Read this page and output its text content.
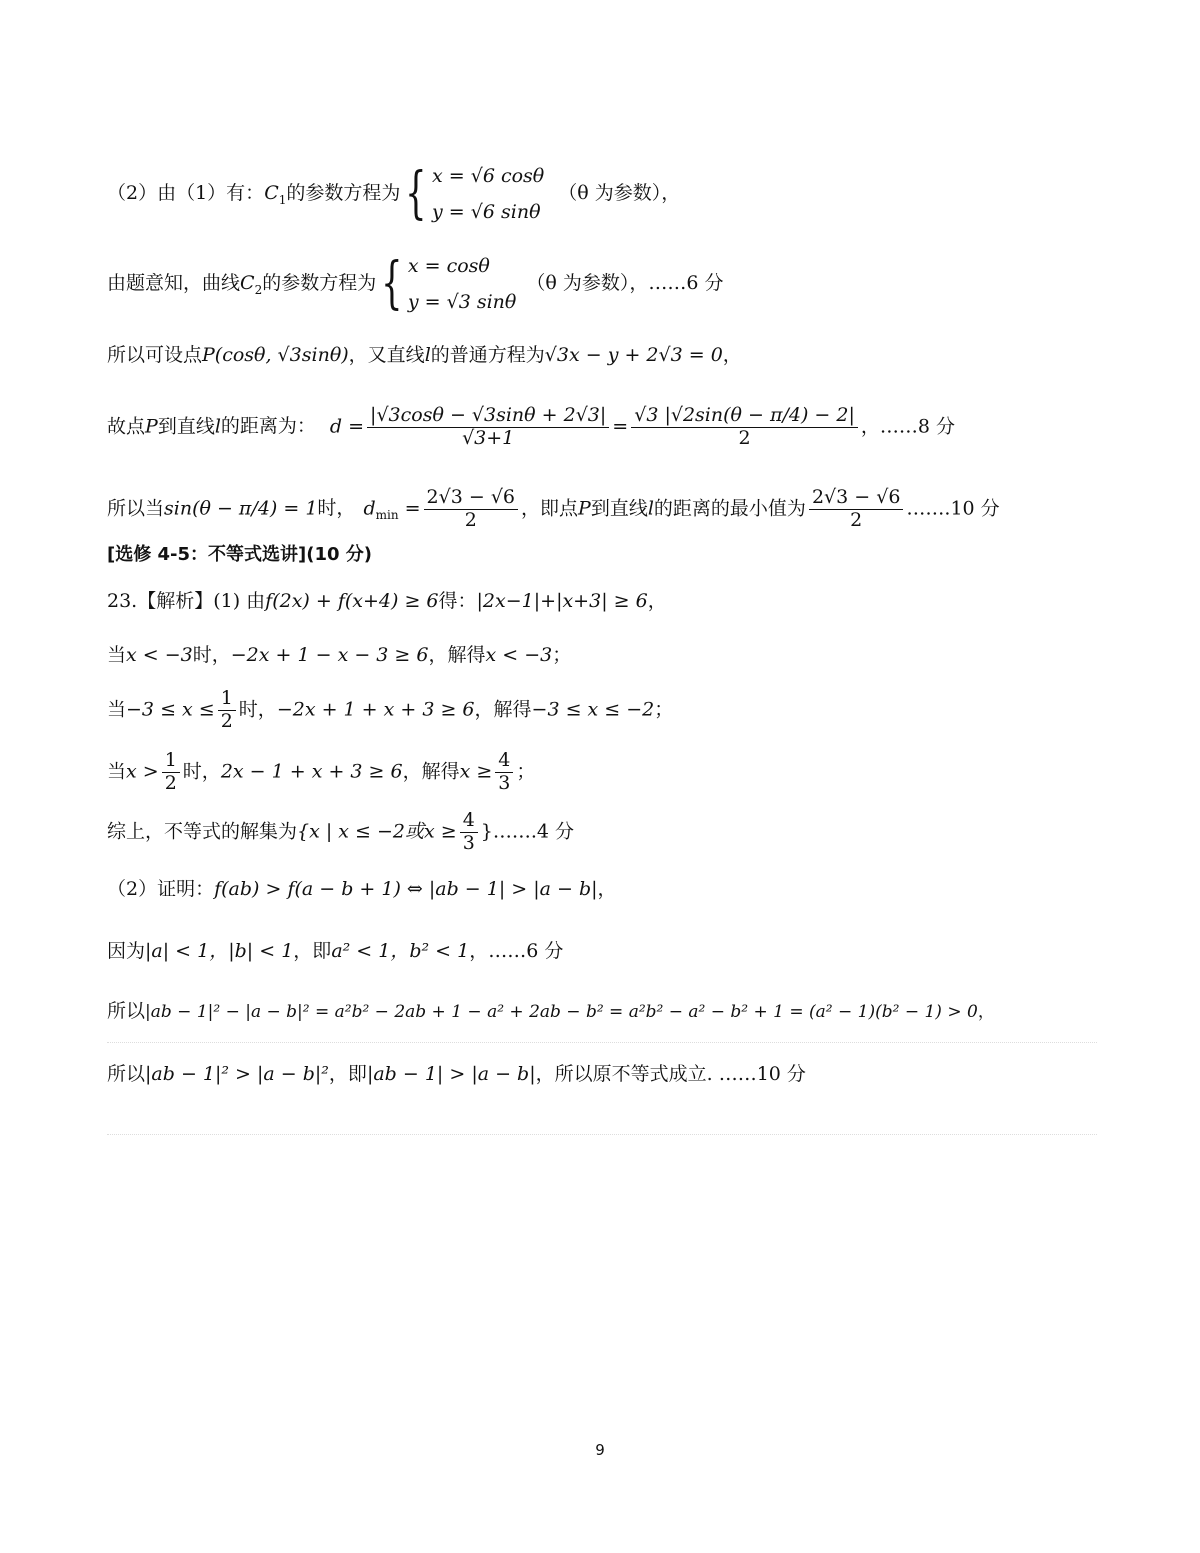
（2）由（1）有：$C_1$的参数方程为{ x = √6 cosθ
y = √6 sinθ
（θ 为参数），
由题意知，曲线$C_2$的参数方程为{ x = cosθ
y = √3 sinθ
（θ 为参数），……6 分
所以可设点P(cosθ, √3sinθ)，又直线l的普通方程为√3x − y + 2√3 = 0，
故点P到直线l的距离为： $d = \frac{|√3\cos\theta - √3\sin\theta + 2√3|}{√3+1} = \frac{√3 |√2\sin(\theta - \pi/4) - 2|}{2}$ ，……8 分
所以当sin(θ − π/4) = 1时， $d_{min} = \frac{2√3 - √6}{2}$ ，即点P到直线l的距离的最小值为 $\frac{2√3 - √6}{2}$ …….10 分
[选修 4-5：不等式选讲](10 分)
23.【解析】(1) 由f(2x) + f(x+4) ≥ 6得：|2x−1|+|x+3| ≥ 6，
当x < −3时，−2x + 1 − x − 3 ≥ 6，解得x < −3；
当$-3 \le x \le \frac{1}{2}$ 时，−2x + 1 + x + 3 ≥ 6，解得−3 ≤ x ≤ −2；
当$x > \frac{1}{2}$ 时，2x − 1 + x + 3 ≥ 6，解得$x \ge \frac{4}{3}$ ；
综上，不等式的解集为{x | x ≤ −2或$x \ge \frac{4}{3}$ }…….4 分
（2）证明：f(ab) > f(a − b + 1) ⇔ |ab − 1| > |a − b|，
因为|a| < 1，|b| < 1，即a² < 1，b² < 1，……6 分
所以|ab − 1|² − |a − b|² = a²b² − 2ab + 1 − a² + 2ab − b² = a²b² − a² − b² + 1 = (a² − 1)(b² − 1) > 0，
所以|ab − 1|² > |a − b|²，即|ab − 1| > |a − b|，所以原不等式成立. ……10 分
9
